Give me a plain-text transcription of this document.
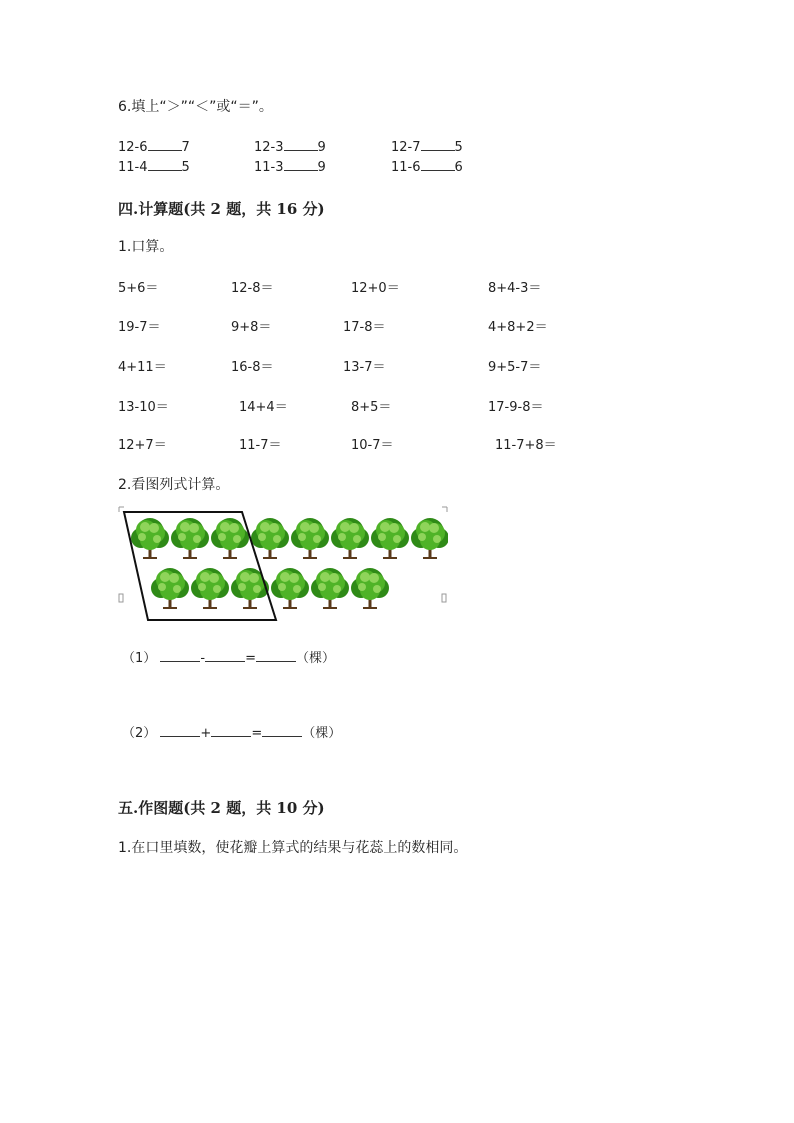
6.填上“＞”“＜”或“＝”。
12-6	7	12-3	9	12-7	5
11-4	5	11-3	9	11-6	6
四.计算题(共 2 题，共 16 分)
1.口算。
5+6＝	12-8＝	12+0＝	8+4-3＝
19-7＝	9+8＝	17-8＝	4+8+2＝
4+11＝	16-8＝	13-7＝	9+5-7＝
13-10＝	14+4＝	8+5＝	17-9-8＝
12+7＝	11-7＝	10-7＝	11-7+8＝
2.看图列式计算。
（1）	-	=	（棵）
（2）	+	=	（棵）
五.作图题(共 2 题，共 10 分)
1.在口里填数，使花瓣上算式的结果与花蕊上的数相同。
